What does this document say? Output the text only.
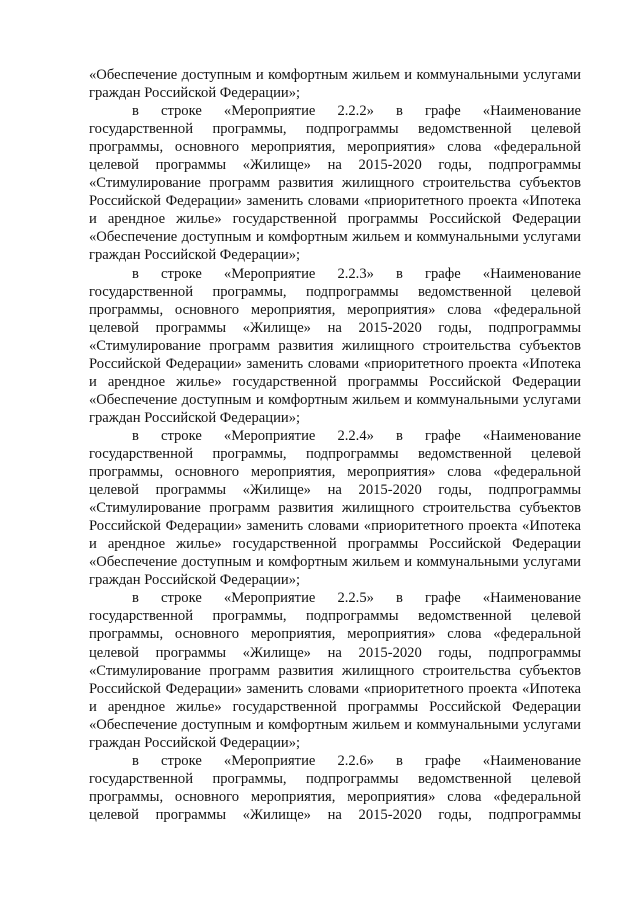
«Обеспечение доступным и комфортным жильем и коммунальными услугами
граждан Российской Федерации»;
в строке «Мероприятие 2.2.2» в графе «Наименование
государственной программы, подпрограммы ведомственной целевой
программы, основного мероприятия, мероприятия» слова «федеральной
целевой программы «Жилище» на 2015-2020 годы, подпрограммы
«Стимулирование программ развития жилищного строительства субъектов
Российской Федерации» заменить словами «приоритетного проекта «Ипотека
и арендное жилье» государственной программы Российской Федерации
«Обеспечение доступным и комфортным жильем и коммунальными услугами
граждан Российской Федерации»;
в строке «Мероприятие 2.2.3» в графе «Наименование
государственной программы, подпрограммы ведомственной целевой
программы, основного мероприятия, мероприятия» слова «федеральной
целевой программы «Жилище» на 2015-2020 годы, подпрограммы
«Стимулирование программ развития жилищного строительства субъектов
Российской Федерации» заменить словами «приоритетного проекта «Ипотека
и арендное жилье» государственной программы Российской Федерации
«Обеспечение доступным и комфортным жильем и коммунальными услугами
граждан Российской Федерации»;
в строке «Мероприятие 2.2.4» в графе «Наименование
государственной программы, подпрограммы ведомственной целевой
программы, основного мероприятия, мероприятия» слова «федеральной
целевой программы «Жилище» на 2015-2020 годы, подпрограммы
«Стимулирование программ развития жилищного строительства субъектов
Российской Федерации» заменить словами «приоритетного проекта «Ипотека
и арендное жилье» государственной программы Российской Федерации
«Обеспечение доступным и комфортным жильем и коммунальными услугами
граждан Российской Федерации»;
в строке «Мероприятие 2.2.5» в графе «Наименование
государственной программы, подпрограммы ведомственной целевой
программы, основного мероприятия, мероприятия» слова «федеральной
целевой программы «Жилище» на 2015-2020 годы, подпрограммы
«Стимулирование программ развития жилищного строительства субъектов
Российской Федерации» заменить словами «приоритетного проекта «Ипотека
и арендное жилье» государственной программы Российской Федерации
«Обеспечение доступным и комфортным жильем и коммунальными услугами
граждан Российской Федерации»;
в строке «Мероприятие 2.2.6» в графе «Наименование
государственной программы, подпрограммы ведомственной целевой
программы, основного мероприятия, мероприятия» слова «федеральной
целевой программы «Жилище» на 2015-2020 годы, подпрограммы
